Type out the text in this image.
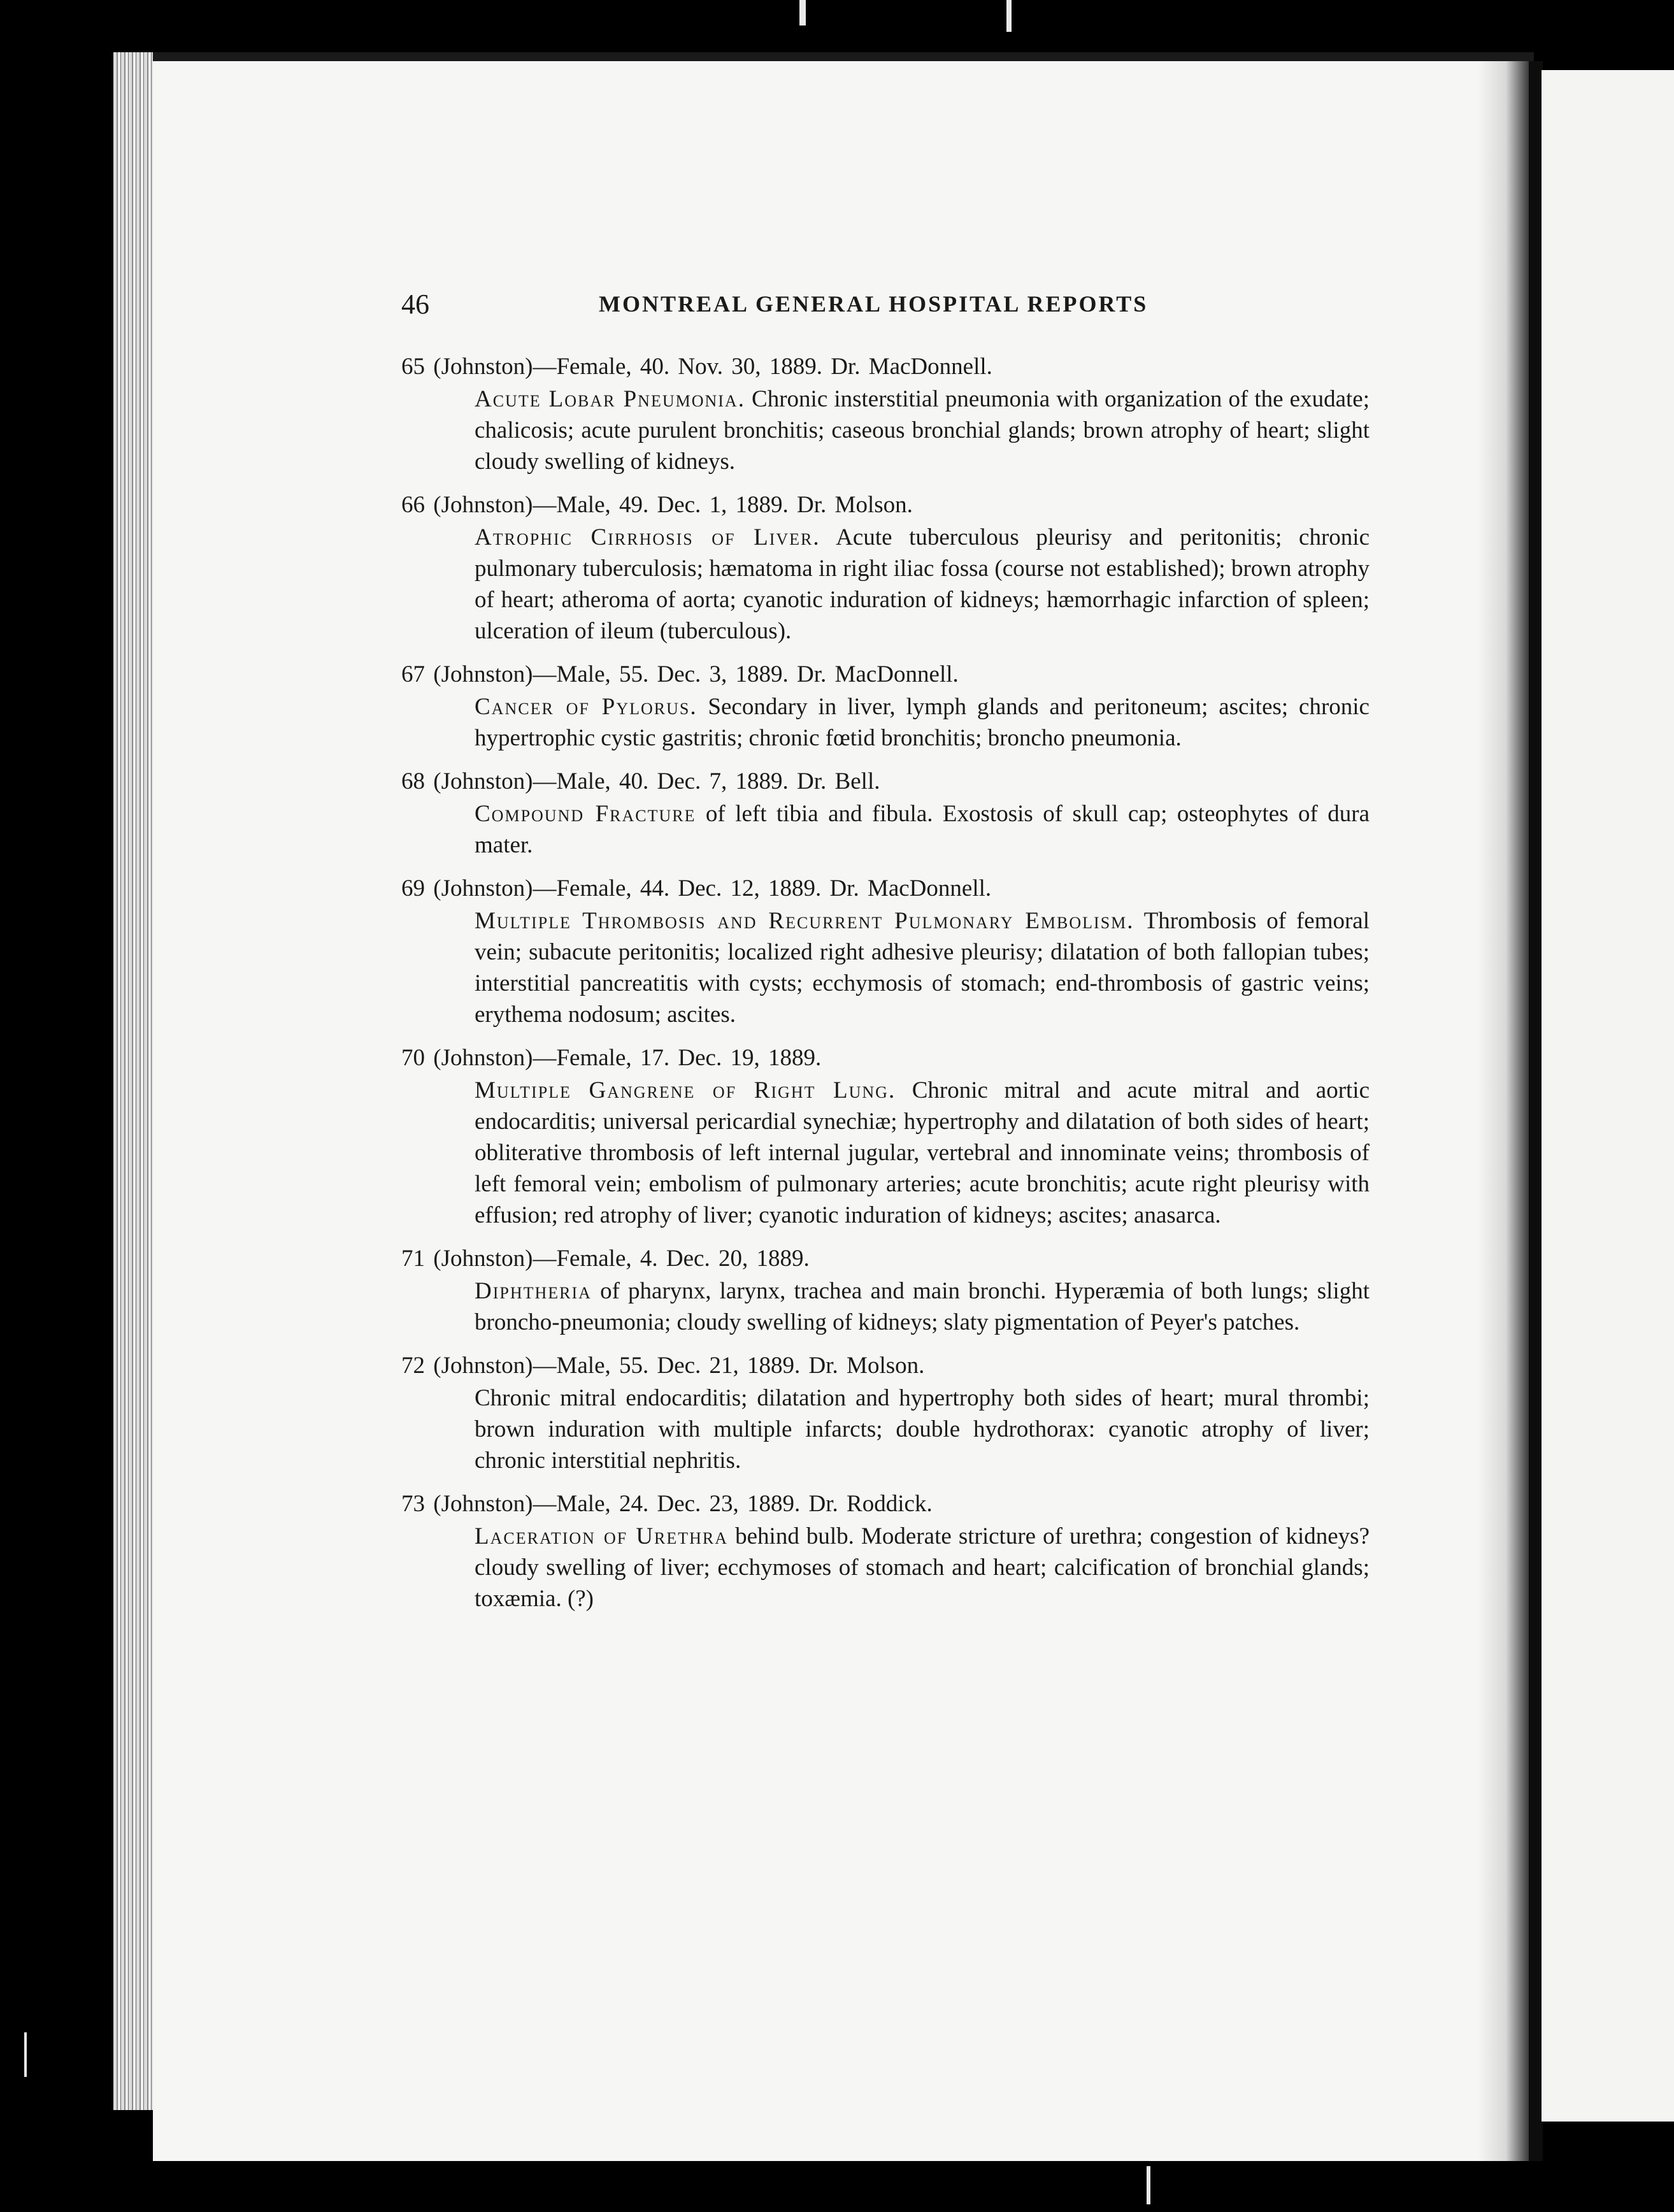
46	MONTREAL GENERAL HOSPITAL REPORTS
65 (Johnston)—Female, 40. Nov. 30, 1889. Dr. MacDonnell.
Acute Lobar Pneumonia. Chronic insterstitial pneumonia with organization of the exudate; chalicosis; acute purulent bronchitis; caseous bronchial glands; brown atrophy of heart; slight cloudy swelling of kidneys.
66 (Johnston)—Male, 49. Dec. 1, 1889. Dr. Molson.
Atrophic Cirrhosis of Liver. Acute tuberculous pleurisy and peritonitis; chronic pulmonary tuberculosis; hæmatoma in right iliac fossa (course not established); brown atrophy of heart; atheroma of aorta; cyanotic induration of kidneys; hæmorrhagic infarction of spleen; ulceration of ileum (tuberculous).
67 (Johnston)—Male, 55. Dec. 3, 1889. Dr. MacDonnell.
Cancer of Pylorus. Secondary in liver, lymph glands and peritoneum; ascites; chronic hypertrophic cystic gastritis; chronic fœtid bronchitis; broncho pneumonia.
68 (Johnston)—Male, 40. Dec. 7, 1889. Dr. Bell.
Compound Fracture of left tibia and fibula. Exostosis of skull cap; osteophytes of dura mater.
69 (Johnston)—Female, 44. Dec. 12, 1889. Dr. MacDonnell.
Multiple Thrombosis and Recurrent Pulmonary Embolism. Thrombosis of femoral vein; subacute peritonitis; localized right adhesive pleurisy; dilatation of both fallopian tubes; interstitial pancreatitis with cysts; ecchymosis of stomach; end-thrombosis of gastric veins; erythema nodosum; ascites.
70 (Johnston)—Female, 17. Dec. 19, 1889.
Multiple Gangrene of Right Lung. Chronic mitral and acute mitral and aortic endocarditis; universal pericardial synechiæ; hypertrophy and dilatation of both sides of heart; obliterative thrombosis of left internal jugular, vertebral and innominate veins; thrombosis of left femoral vein; embolism of pulmonary arteries; acute bronchitis; acute right pleurisy with effusion; red atrophy of liver; cyanotic induration of kidneys; ascites; anasarca.
71 (Johnston)—Female, 4. Dec. 20, 1889.
Diphtheria of pharynx, larynx, trachea and main bronchi. Hyperæmia of both lungs; slight broncho-pneumonia; cloudy swelling of kidneys; slaty pigmentation of Peyer's patches.
72 (Johnston)—Male, 55. Dec. 21, 1889. Dr. Molson.
Chronic mitral endocarditis; dilatation and hypertrophy both sides of heart; mural thrombi; brown induration with multiple infarcts; double hydrothorax: cyanotic atrophy of liver; chronic interstitial nephritis.
73 (Johnston)—Male, 24. Dec. 23, 1889. Dr. Roddick.
Laceration of Urethra behind bulb. Moderate stricture of urethra; congestion of kidneys? cloudy swelling of liver; ecchymoses of stomach and heart; calcification of bronchial glands; toxæmia. (?)
